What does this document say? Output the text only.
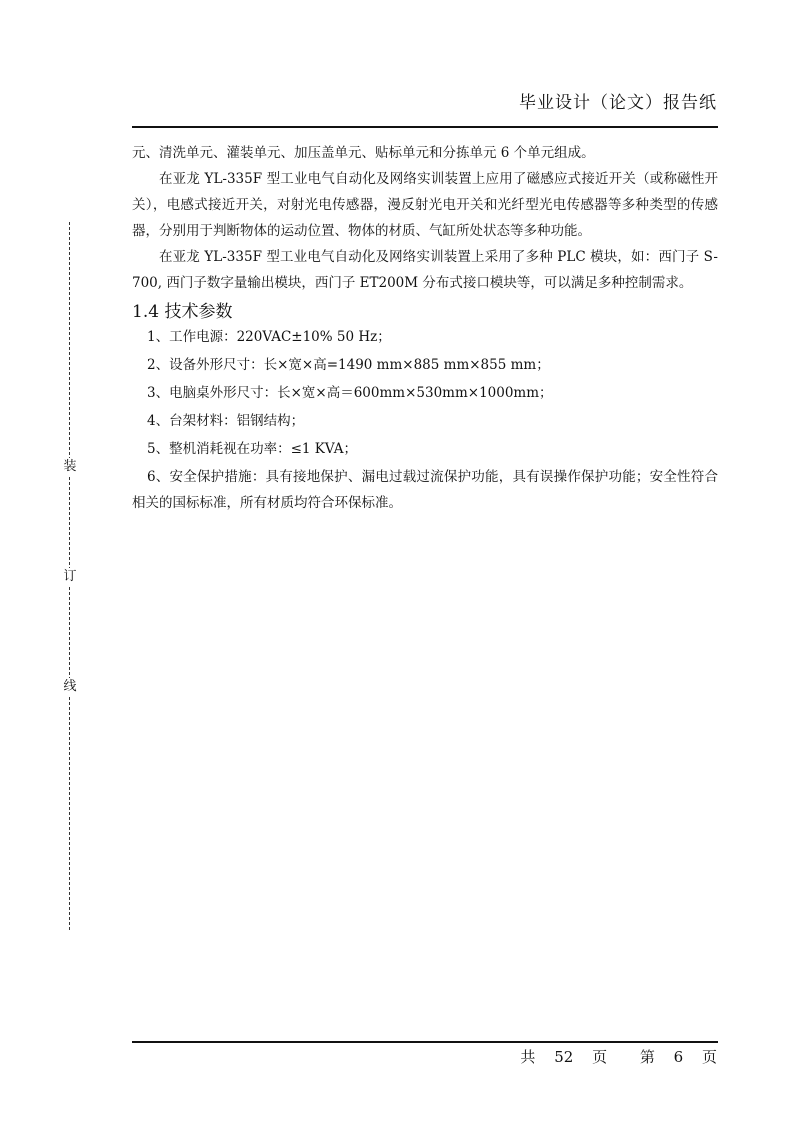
毕业设计（论文）报告纸
装
订
线

元、清洗单元、灌装单元、加压盖单元、贴标单元和分拣单元 6 个单元组成。

在亚龙 YL-335F 型工业电气自动化及网络实训装置上应用了磁感应式接近开关（或称磁性开关），电感式接近开关，对射光电传感器，漫反射光电开关和光纤型光电传感器等多种类型的传感器，分别用于判断物体的运动位置、物体的材质、气缸所处状态等多种功能。

在亚龙 YL-335F 型工业电气自动化及网络实训装置上采用了多种 PLC 模块，如：西门子 S-700, 西门子数字量输出模块，西门子 ET200M 分布式接口模块等，可以满足多种控制需求。

1.4 技术参数

1、工作电源：220VAC±10% 50 Hz；

2、设备外形尺寸：长×宽×高=1490 mm×885 mm×855 mm；

3、电脑桌外形尺寸：长×宽×高＝600mm×530mm×1000mm；

4、台架材料：铝钢结构；

5、整机消耗视在功率：≤1 KVA；

6、安全保护措施：具有接地保护、漏电过载过流保护功能，具有误操作保护功能；安全性符合相关的国标标准，所有材质均符合环保标准。

共 52 页 第 6 页
